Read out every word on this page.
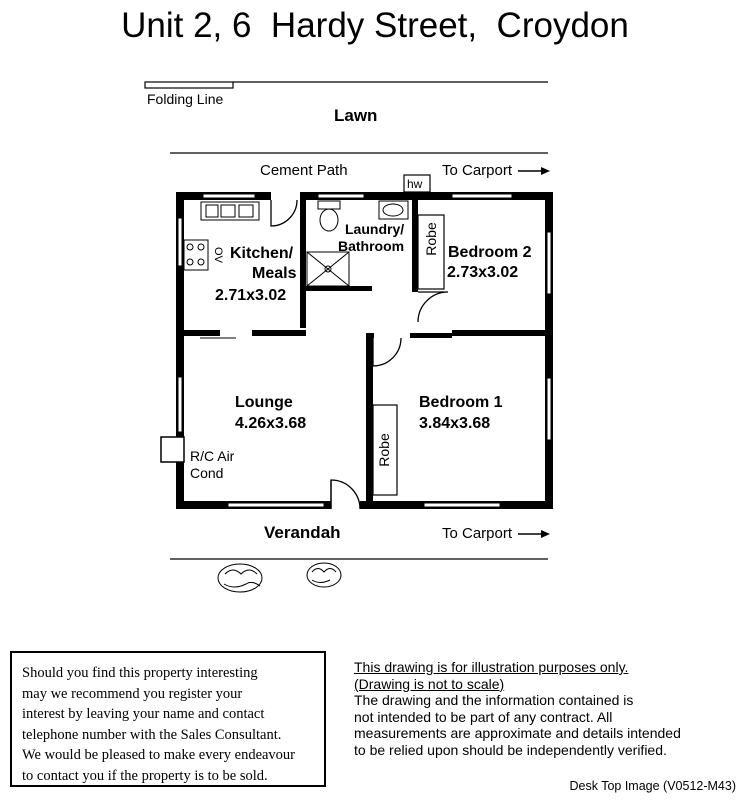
Unit 2, 6  Hardy Street,  Croydon
Folding Line
Lawn
Cement Path	To Carport
hw
Laundry/
Bathroom Robe Bedroom 2
2.73x3.02
Kitchen/
Meals
2.71x3.02
OV
Lounge
4.26x3.68
Bedroom 1
3.84x3.68
Robe
R/C Air
Cond
Verandah	To Carport
Should you find this property interesting
may we recommend you register your
interest by leaving your name and contact
telephone number with the Sales Consultant.
We would be pleased to make every endeavour
to contact you if the property is to be sold.
This drawing is for illustration purposes only.
(Drawing is not to scale)
The drawing and the information contained is
not intended to be part of any contract. All
measurements are approximate and details intended
to be relied upon should be independently verified.
Desk Top Image (V0512-M43)
